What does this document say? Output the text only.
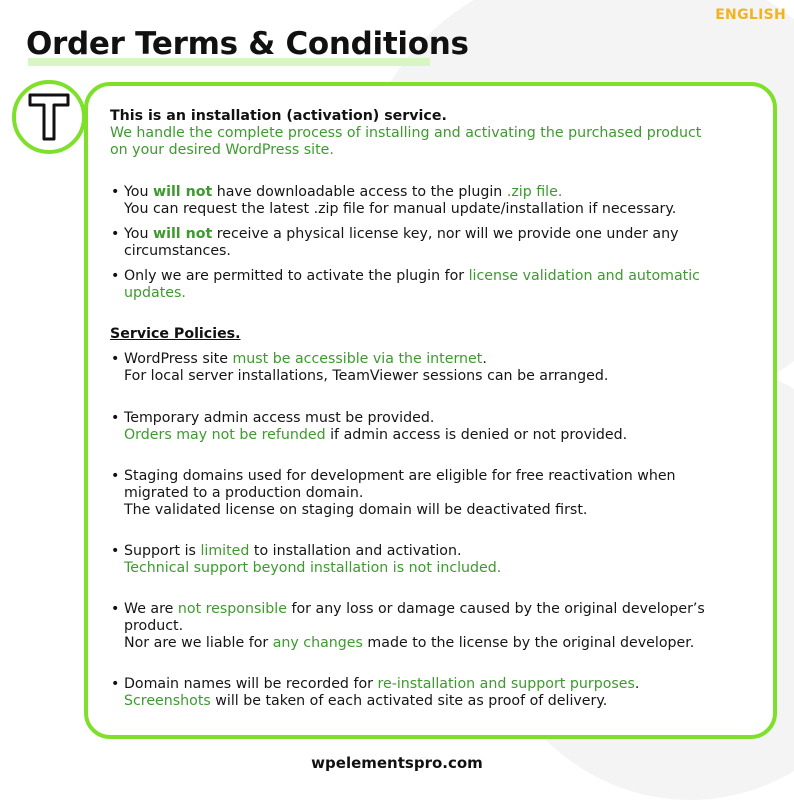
ENGLISH
Order Terms & Conditions

This is an installation (activation) service.

We handle the complete process of installing and activating the purchased product

on your desired WordPress site.

• You will not have downloadable access to the plugin .zip file.
You can request the latest .zip file for manual update/installation if necessary.
• You will not receive a physical license key, nor will we provide one under any
circumstances.
• Only we are permitted to activate the plugin for license validation and automatic
updates.
Service Policies.
• WordPress site must be accessible via the internet.
For local server installations, TeamViewer sessions can be arranged.
• Temporary admin access must be provided.
Orders may not be refunded if admin access is denied or not provided.
• Staging domains used for development are eligible for free reactivation when
migrated to a production domain.
The validated license on staging domain will be deactivated first.
• Support is limited to installation and activation.
Technical support beyond installation is not included.
• We are not responsible for any loss or damage caused by the original developer’s
product.
Nor are we liable for any changes made to the license by the original developer.
• Domain names will be recorded for re-installation and support purposes.
Screenshots will be taken of each activated site as proof of delivery.
wpelementspro.com
